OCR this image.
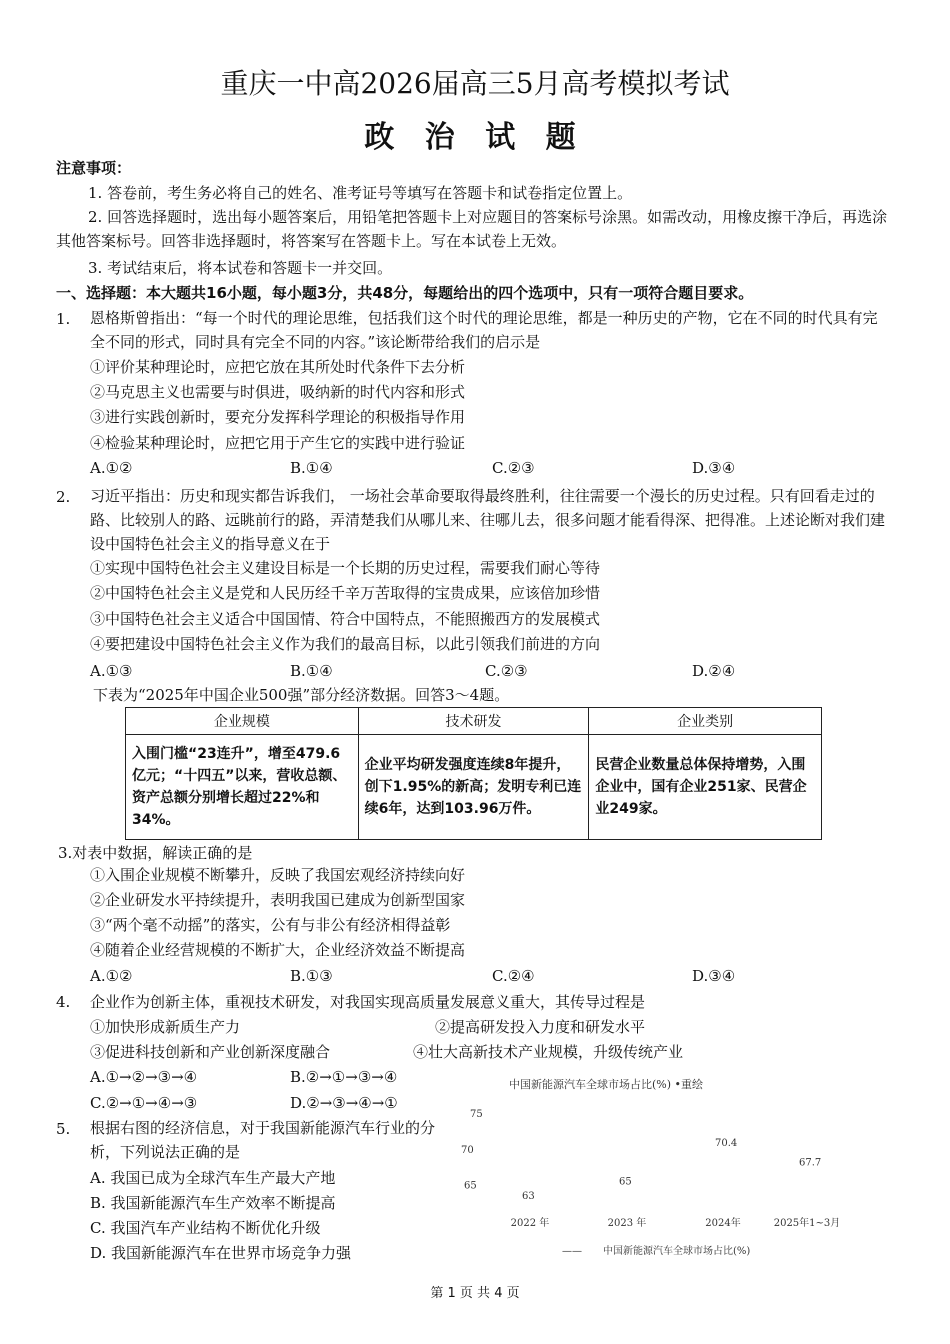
重庆一中高2026届高三5月高考模拟考试
政 治 试 题
注意事项：
1. 答卷前，考生务必将自己的姓名、准考证号等填写在答题卡和试卷指定位置上。
2. 回答选择题时，选出每小题答案后，用铅笔把答题卡上对应题目的答案标号涂黑。如需改动，用橡皮擦干净后，再选涂其他答案标号。回答非选择题时，将答案写在答题卡上。写在本试卷上无效。
3. 考试结束后，将本试卷和答题卡一并交回。
一、选择题：本大题共16小题，每小题3分，共48分，每题给出的四个选项中，只有一项符合题目要求。
1. 恩格斯曾指出：“每一个时代的理论思维，包括我们这个时代的理论思维，都是一种历史的产物，它在不同的时代具有完全不同的形式，同时具有完全不同的内容。”该论断带给我们的启示是
①评价某种理论时，应把它放在其所处时代条件下去分析
②马克思主义也需要与时俱进，吸纳新的时代内容和形式
③进行实践创新时，要充分发挥科学理论的积极指导作用
④检验某种理论时，应把它用于产生它的实践中进行验证
A.①②	B.①④	C.②③	D.③④
2. 习近平指出：历史和现实都告诉我们， 一场社会革命要取得最终胜利，往往需要一个漫长的历史过程。只有回看走过的路、比较别人的路、远眺前行的路，弄清楚我们从哪儿来、往哪儿去，很多问题才能看得深、把得准。上述论断对我们建设中国特色社会主义的指导意义在于
①实现中国特色社会主义建设目标是一个长期的历史过程，需要我们耐心等待
②中国特色社会主义是党和人民历经千辛万苦取得的宝贵成果，应该倍加珍惜
③中国特色社会主义适合中国国情、符合中国特点，不能照搬西方的发展模式
④要把建设中国特色社会主义作为我们的最高目标，以此引领我们前进的方向
A.①③	B.①④	C.②③	D.②④
下表为“2025年中国企业500强”部分经济数据。回答3～4题。
企业规模	技术研发	企业类别
入围门槛“23连升”，增至479.6亿元；“十四五”以来，营收总额、资产总额分别增长超过22%和34%。	企业平均研发强度连续8年提升，创下1.95%的新高；发明专利已连续6年，达到103.96万件。	民营企业数量总体保持增势，入围企业中，国有企业251家、民营企业249家。
3.对表中数据，解读正确的是
①入围企业规模不断攀升，反映了我国宏观经济持续向好
②企业研发水平持续提升，表明我国已建成为创新型国家
③“两个毫不动摇”的落实，公有与非公有经济相得益彰
④随着企业经营规模的不断扩大，企业经济效益不断提高
A.①②	B.①③	C.②④	D.③④
4. 企业作为创新主体，重视技术研发，对我国实现高质量发展意义重大，其传导过程是
①加快形成新质生产力	②提高研发投入力度和研发水平
③促进科技创新和产业创新深度融合	④壮大高新技术产业规模，升级传统产业
A.①→②→③→④	B.②→①→③→④
C.②→①→④→③	D.②→③→④→①
5. 根据右图的经济信息，对于我国新能源汽车行业的分析，下列说法正确的是
A. 我国已成为全球汽车生产最大产地
B. 我国新能源汽车生产效率不断提高
C. 我国汽车产业结构不断优化升级
D. 我国新能源汽车在世界市场竞争力强
中国新能源汽车全球市场占比(%) •重绘
75
70
65
63
65
70.4
67.7
2022 年	2023 年	2024年	2025年1~3月
—— 中国新能源汽车全球市场占比(%)
第 1 页 共 4 页
